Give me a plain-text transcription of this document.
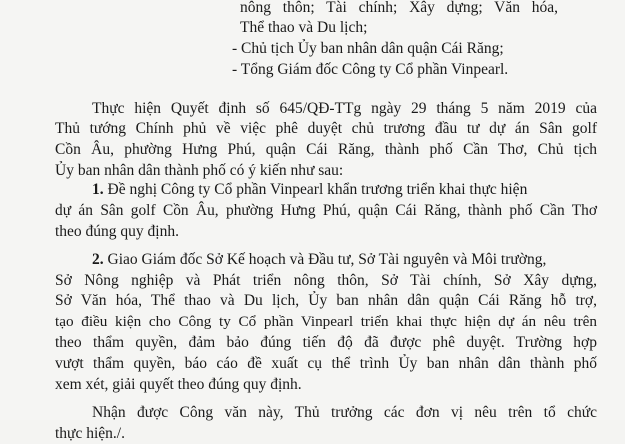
nông thôn; Tài chính; Xây dựng; Văn hóa,
Thể thao và Du lịch;
- Chủ tịch Ủy ban nhân dân quận Cái Răng;
- Tổng Giám đốc Công ty Cổ phần Vinpearl.
Thực hiện Quyết định số 645/QĐ-TTg ngày 29 tháng 5 năm 2019 của
Thủ tướng Chính phủ về việc phê duyệt chủ trương đầu tư dự án Sân golf
Cồn Âu, phường Hưng Phú, quận Cái Răng, thành phố Cần Thơ, Chủ tịch
Ủy ban nhân dân thành phố có ý kiến như sau:
1. Đề nghị Công ty Cổ phần Vinpearl khẩn trương triển khai thực hiện
dự án Sân golf Cồn Âu, phường Hưng Phú, quận Cái Răng, thành phố Cần Thơ
theo đúng quy định.
2. Giao Giám đốc Sở Kế hoạch và Đầu tư, Sở Tài nguyên và Môi trường,
Sở Nông nghiệp và Phát triển nông thôn, Sở Tài chính, Sở Xây dựng,
Sở Văn hóa, Thể thao và Du lịch, Ủy ban nhân dân quận Cái Răng hỗ trợ,
tạo điều kiện cho Công ty Cổ phần Vinpearl triển khai thực hiện dự án nêu trên
theo thẩm quyền, đảm bảo đúng tiến độ đã được phê duyệt. Trường hợp
vượt thẩm quyền, báo cáo đề xuất cụ thể trình Ủy ban nhân dân thành phố
xem xét, giải quyết theo đúng quy định.
Nhận được Công văn này, Thủ trưởng các đơn vị nêu trên tổ chức
thực hiện./.
